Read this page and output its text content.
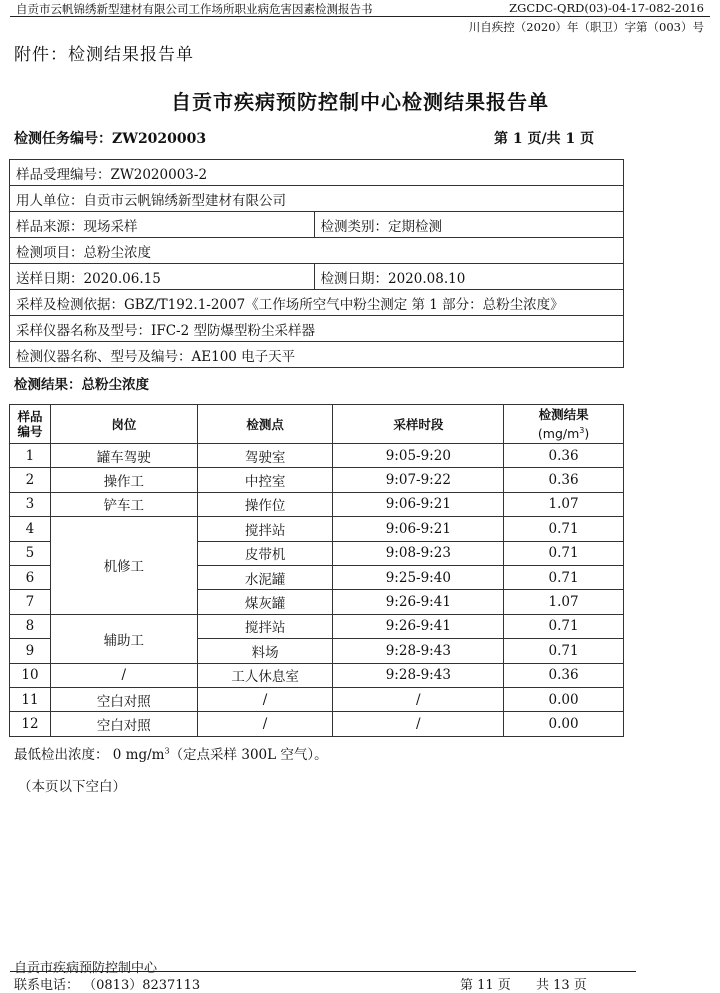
自贡市云帆锦绣新型建材有限公司工作场所职业病危害因素检测报告书	ZGCDC-QRD(03)-04-17-082-2016
川自疾控（2020）年（职卫）字第（003）号
附件：检测结果报告单
自贡市疾病预防控制中心检测结果报告单
检测任务编号：ZW2020003	第 1 页/共 1 页
样品受理编号：ZW2020003-2	
用人单位：自贡市云帆锦绣新型建材有限公司	
样品来源：现场采样	检测类别：定期检测
检测项目：总粉尘浓度	
送样日期：2020.06.15	检测日期：2020.08.10
采样及检测依据：GBZ/T192.1-2007《工作场所空气中粉尘测定 第 1 部分：总粉尘浓度》	
采样仪器名称及型号：IFC-2 型防爆型粉尘采样器	
检测仪器名称、型号及编号：AE100 电子天平	
检测结果：总粉尘浓度
样品
编号	岗位	检测点	采样时段	检测结果
$(mg/m^3)$
1	罐车驾驶	驾驶室	9:05-9:20	0.36
2	操作工	中控室	9:07-9:22	0.36
3	铲车工	操作位	9:06-9:21	1.07
4	机修工	搅拌站	9:06-9:21	0.71
5		皮带机	9:08-9:23	0.71
6		水泥罐	9:25-9:40	0.71
7		煤灰罐	9:26-9:41	1.07
8	辅助工	搅拌站	9:26-9:41	0.71
9		料场	9:28-9:43	0.71
10	/	工人休息室	9:28-9:43	0.36
11	空白对照	/	/	0.00
12	空白对照	/	/	0.00
最低检出浓度： 0 $mg/m^3$（定点采样 300L 空气）。
（本页以下空白）
自贡市疾病预防控制中心
联系电话： （0813）8237113	第 11 页 共 13 页
